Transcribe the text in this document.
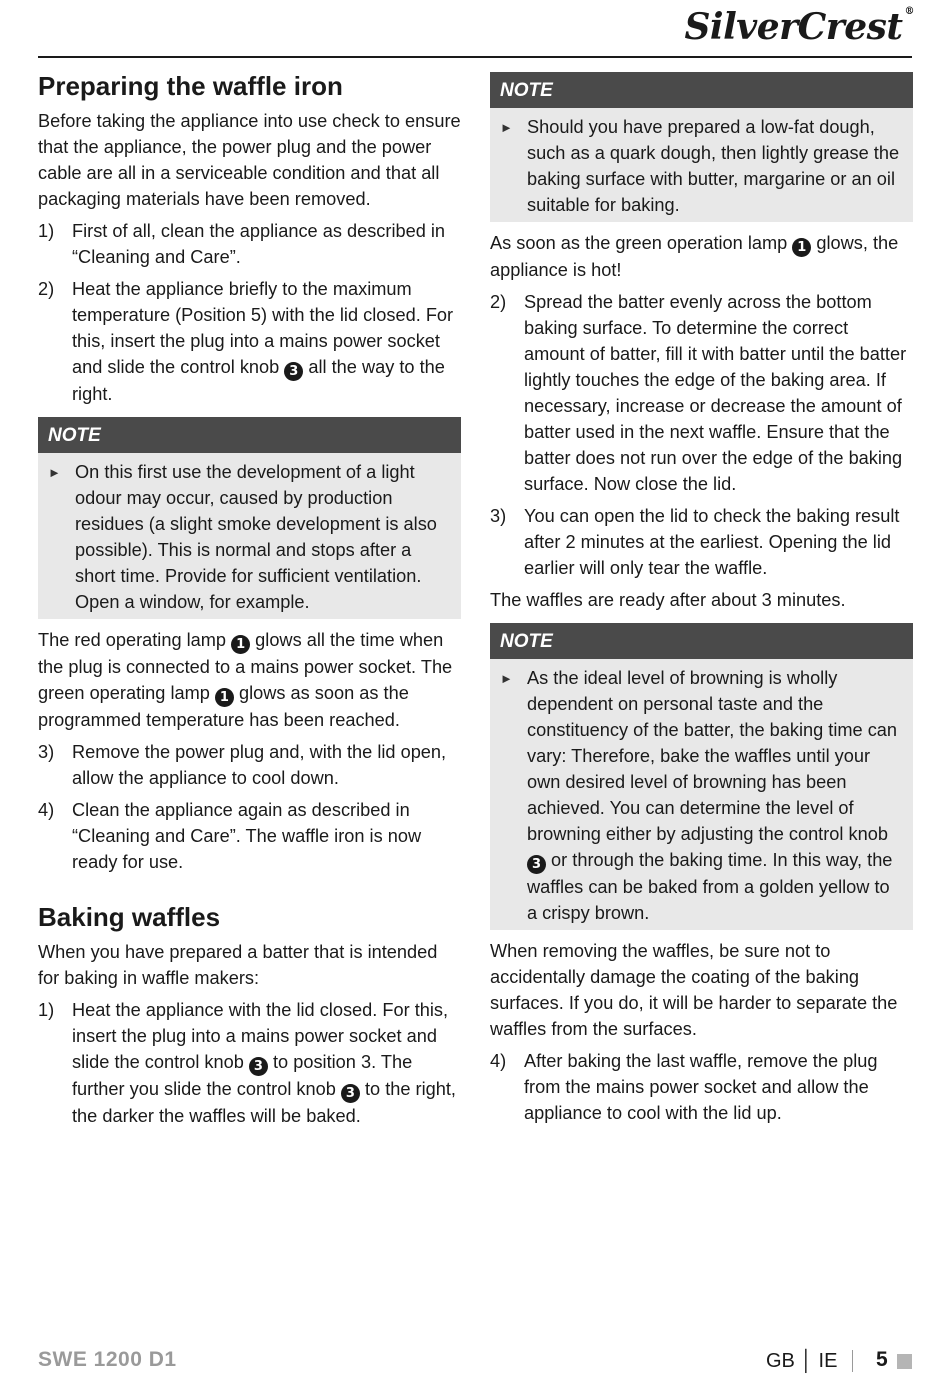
SilverCrest ®
Preparing the waffle iron

Before taking the appliance into use check to ensure that the appliance, the power plug and the power cable are all in a serviceable condition and that all packaging materials have been removed.

1) First of all, clean the appliance as described in “Cleaning and Care”.
2) Heat the appliance briefly to the maximum temperature (Position 5) with the lid closed. For this, insert the plug into a mains power socket and slide the control knob 3 all the way to the right.
NOTE
► On this first use the development of a light odour may occur, caused by production residues (a slight smoke development is also possible). This is normal and stops after a short time. Provide for sufficient ventilation. Open a window, for example.

The red operating lamp 1 glows all the time when the plug is connected to a mains power socket. The green operating lamp 1 glows as soon as the programmed temperature has been reached.

3) Remove the power plug and, with the lid open, allow the appliance to cool down.
4) Clean the appliance again as described in “Cleaning and Care”. The waffle iron is now ready for use.
Baking waffles

When you have prepared a batter that is intended for baking in waffle makers:

1) Heat the appliance with the lid closed. For this, insert the plug into a mains power socket and slide the control knob 3 to position 3. The further you slide the control knob 3 to the right, the darker the waffles will be baked.
NOTE
► Should you have prepared a low-fat dough, such as a quark dough, then lightly grease the baking surface with butter, margarine or an oil suitable for baking.

As soon as the green operation lamp 1 glows, the appliance is hot!

2) Spread the batter evenly across the bottom baking surface. To determine the correct amount of batter, fill it with batter until the batter lightly touches the edge of the baking area. If necessary, increase or decrease the amount of batter used in the next waffle. Ensure that the batter does not run over the edge of the baking surface. Now close the lid.
3) You can open the lid to check the baking result after 2 minutes at the earliest. Opening the lid earlier will only tear the waffle.

The waffles are ready after about 3 minutes.

NOTE
► As the ideal level of browning is wholly dependent on personal taste and the constituency of the batter, the baking time can vary: Therefore, bake the waffles until your own desired level of browning has been achieved. You can determine the level of browning either by adjusting the control knob 3 or through the baking time. In this way, the waffles can be baked from a golden yellow to a crispy brown.

When removing the waffles, be sure not to accidentally damage the coating of the baking surfaces. If you do, it will be harder to separate the waffles from the surfaces.

4) After baking the last waffle, remove the plug from the mains power socket and allow the appliance to cool with the lid up.
SWE 1200 D1	GB │ IE 5
